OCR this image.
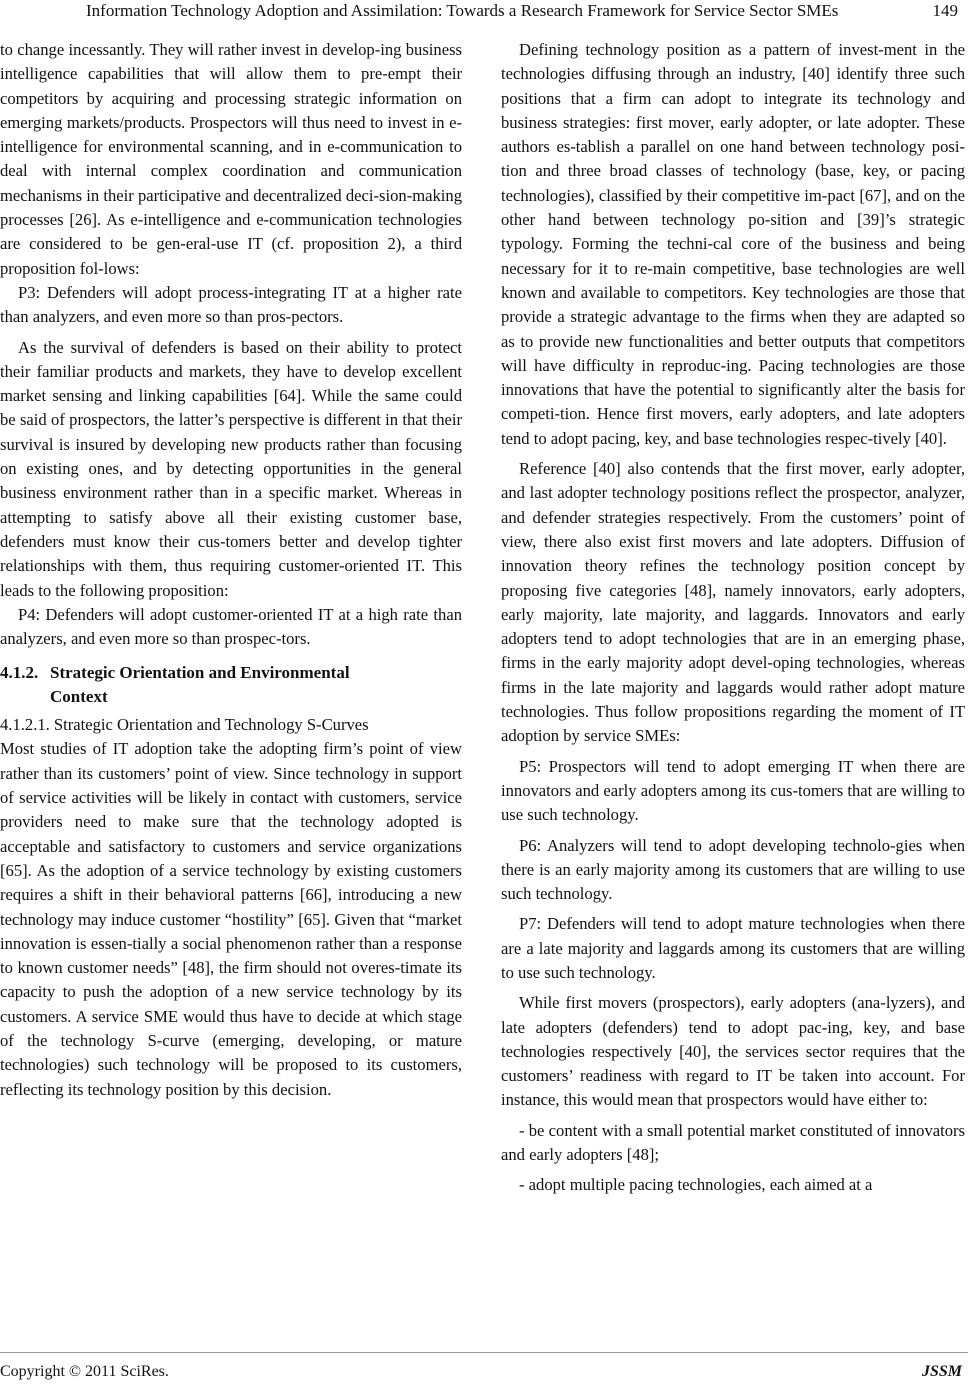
Information Technology Adoption and Assimilation: Towards a Research Framework for Service Sector SMEs	149

to change incessantly. They will rather invest in develop-ing business intelligence capabilities that will allow them to pre-empt their competitors by acquiring and processing strategic information on emerging markets/products. Prospectors will thus need to invest in e-intelligence for environmental scanning, and in e-communication to deal with internal complex coordination and communication mechanisms in their participative and decentralized deci-sion-making processes [26]. As e-intelligence and e-communication technologies are considered to be gen-eral-use IT (cf. proposition 2), a third proposition fol-lows:

P3: Defenders will adopt process-integrating IT at a higher rate than analyzers, and even more so than pros-pectors.

As the survival of defenders is based on their ability to protect their familiar products and markets, they have to develop excellent market sensing and linking capabilities [64]. While the same could be said of prospectors, the latter’s perspective is different in that their survival is insured by developing new products rather than focusing on existing ones, and by detecting opportunities in the general business environment rather than in a specific market. Whereas in attempting to satisfy above all their existing customer base, defenders must know their cus-tomers better and develop tighter relationships with them, thus requiring customer-oriented IT. This leads to the following proposition:

P4: Defenders will adopt customer-oriented IT at a high rate than analyzers, and even more so than prospec-tors.

4.1.2. Strategic Orientation and Environmental
Context
4.1.2.1. Strategic Orientation and Technology S-Curves

Most studies of IT adoption take the adopting firm’s point of view rather than its customers’ point of view. Since technology in support of service activities will be likely in contact with customers, service providers need to make sure that the technology adopted is acceptable and satisfactory to customers and service organizations [65]. As the adoption of a service technology by existing customers requires a shift in their behavioral patterns [66], introducing a new technology may induce customer “hostility” [65]. Given that “market innovation is essen-tially a social phenomenon rather than a response to known customer needs” [48], the firm should not overes-timate its capacity to push the adoption of a new service technology by its customers. A service SME would thus have to decide at which stage of the technology S-curve (emerging, developing, or mature technologies) such technology will be proposed to its customers, reflecting its technology position by this decision.

Defining technology position as a pattern of invest-ment in the technologies diffusing through an industry, [40] identify three such positions that a firm can adopt to integrate its technology and business strategies: first mover, early adopter, or late adopter. These authors es-tablish a parallel on one hand between technology posi-tion and three broad classes of technology (base, key, or pacing technologies), classified by their competitive im-pact [67], and on the other hand between technology po-sition and [39]’s strategic typology. Forming the techni-cal core of the business and being necessary for it to re-main competitive, base technologies are well known and available to competitors. Key technologies are those that provide a strategic advantage to the firms when they are adapted so as to provide new functionalities and better outputs that competitors will have difficulty in reproduc-ing. Pacing technologies are those innovations that have the potential to significantly alter the basis for competi-tion. Hence first movers, early adopters, and late adopters tend to adopt pacing, key, and base technologies respec-tively [40].

Reference [40] also contends that the first mover, early adopter, and last adopter technology positions reflect the prospector, analyzer, and defender strategies respectively. From the customers’ point of view, there also exist first movers and late adopters. Diffusion of innovation theory refines the technology position concept by proposing five categories [48], namely innovators, early adopters, early majority, late majority, and laggards. Innovators and early adopters tend to adopt technologies that are in an emerging phase, firms in the early majority adopt devel-oping technologies, whereas firms in the late majority and laggards would rather adopt mature technologies. Thus follow propositions regarding the moment of IT adoption by service SMEs:

P5: Prospectors will tend to adopt emerging IT when there are innovators and early adopters among its cus-tomers that are willing to use such technology.

P6: Analyzers will tend to adopt developing technolo-gies when there is an early majority among its customers that are willing to use such technology.

P7: Defenders will tend to adopt mature technologies when there are a late majority and laggards among its customers that are willing to use such technology.

While first movers (prospectors), early adopters (ana-lyzers), and late adopters (defenders) tend to adopt pac-ing, key, and base technologies respectively [40], the services sector requires that the customers’ readiness with regard to IT be taken into account. For instance, this would mean that prospectors would have either to:

- be content with a small potential market constituted of innovators and early adopters [48];

- adopt multiple pacing technologies, each aimed at a

Copyright © 2011 SciRes.	JSSM
